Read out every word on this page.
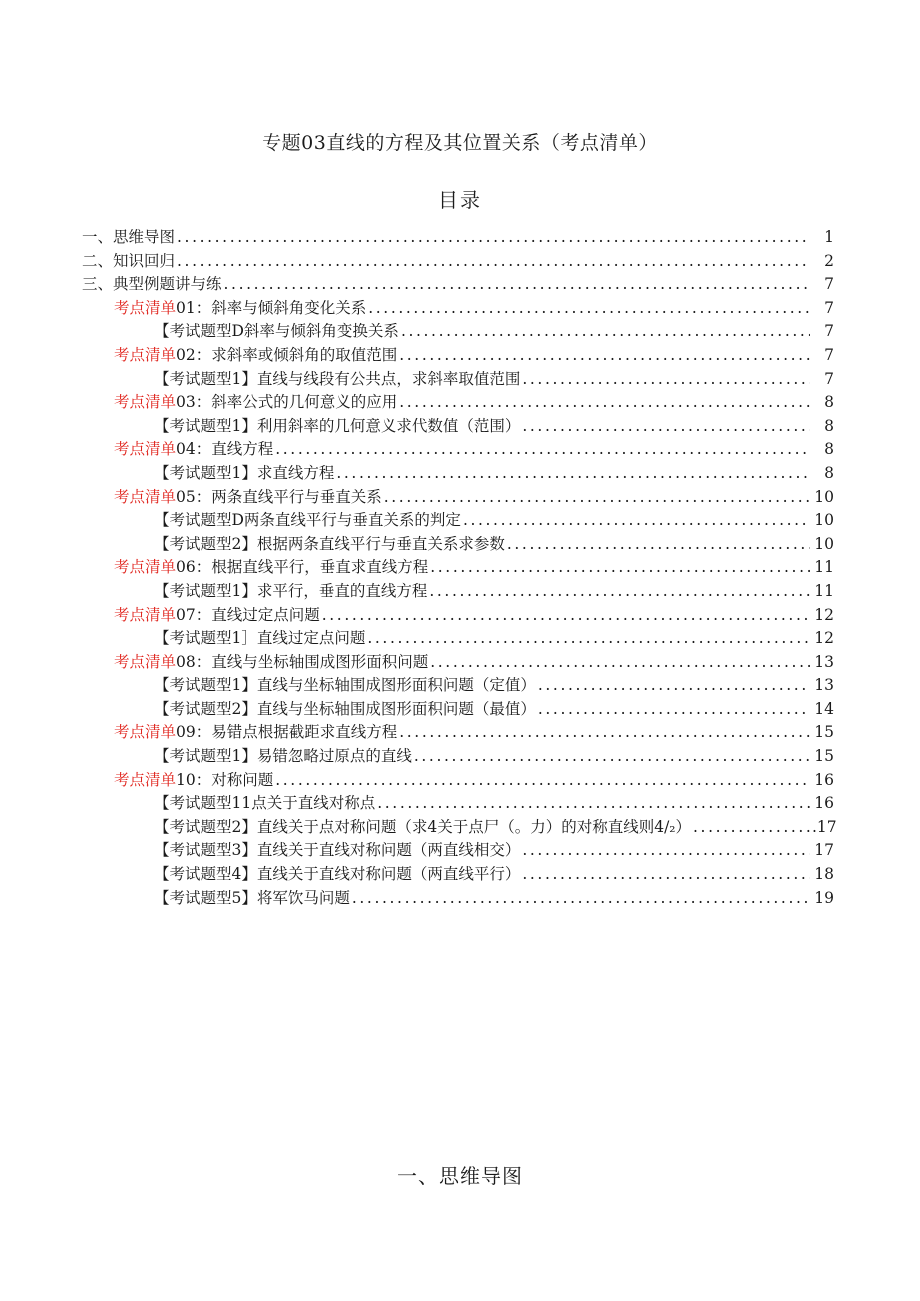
专题03直线的方程及其位置关系（考点清单）
目录
一、思维导图 .....	1
二、知识回归 .....	2
三、典型例题讲与练 .....	7
考点清单01：斜率与倾斜角变化关系 .....	7
【考试题型D斜率与倾斜角变换关系 .....	7
考点清单02：求斜率或倾斜角的取值范围 .....	7
【考试题型1】直线与线段有公共点，求斜率取值范围 .....	7
考点清单03：斜率公式的几何意义的应用 .....	8
【考试题型1】利用斜率的几何意义求代数值（范围） .....	8
考点清单04：直线方程 .....	8
【考试题型1】求直线方程 .....	8
考点清单05：两条直线平行与垂直关系 .....	10
【考试题型D两条直线平行与垂直关系的判定 .....	10
【考试题型2】根据两条直线平行与垂直关系求参数 .....	10
考点清单06：根据直线平行，垂直求直线方程 .....	11
【考试题型1】求平行，垂直的直线方程 .....	11
考点清单07：直线过定点问题 .....	12
【考试题型1］直线过定点问题 .....	12
考点清单08：直线与坐标轴围成图形面积问题 .....	13
【考试题型1】直线与坐标轴围成图形面积问题（定值） .....	13
【考试题型2】直线与坐标轴围成图形面积问题（最值） .....	14
考点清单09：易错点根据截距求直线方程 .....	15
【考试题型1】易错忽略过原点的直线 .....	15
考点清单10：对称问题 .....	16
【考试题型11点关于直线对称点 .....	16
【考试题型2】直线关于点对称问题（求4关于点尸（。力）的对称直线则4/₂） .....	.17
【考试题型3】直线关于直线对称问题（两直线相交） .....	17
【考试题型4】直线关于直线对称问题（两直线平行） .....	18
【考试题型5】将军饮马问题 .....	19
一、思维导图
